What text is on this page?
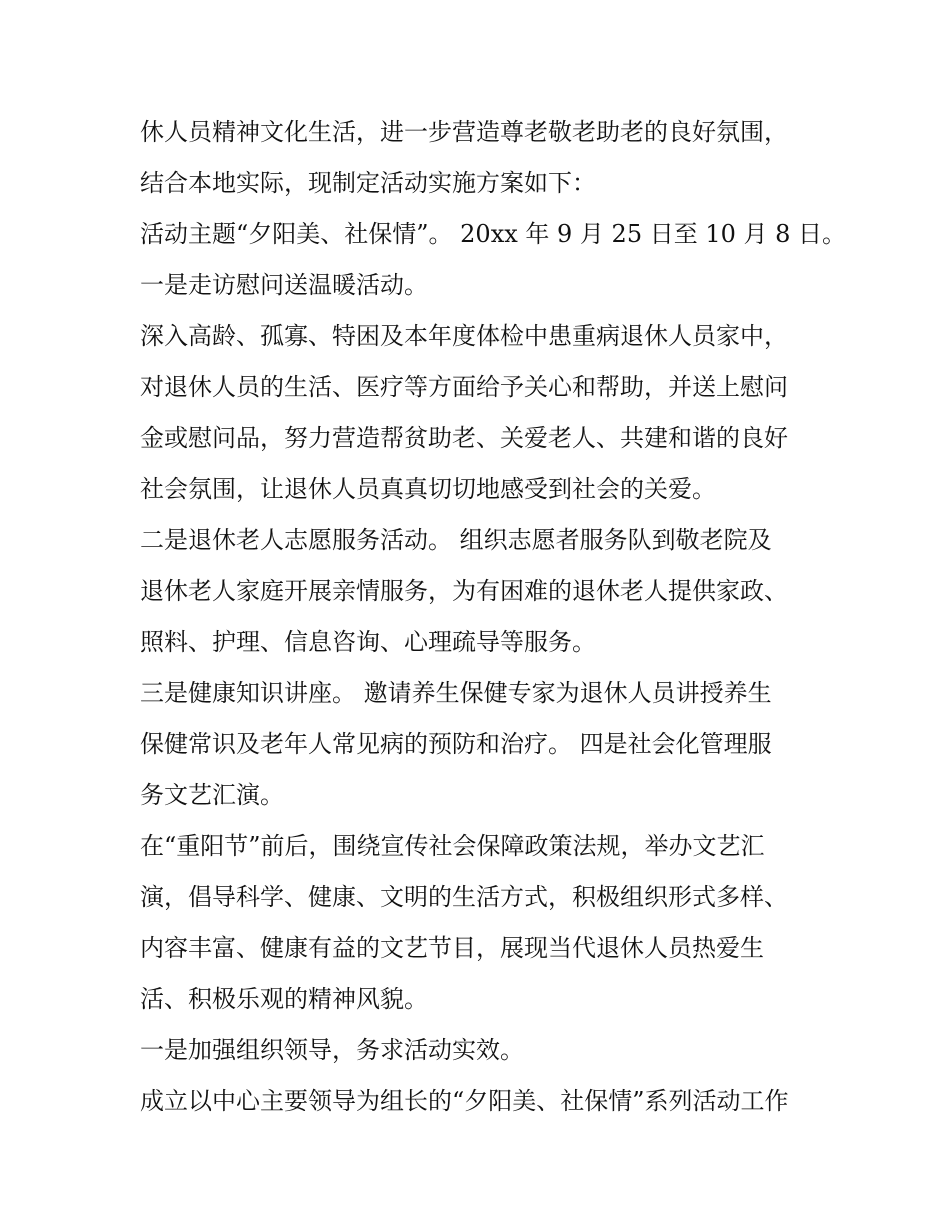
休人员精神文化生活，进一步营造尊老敬老助老的良好氛围，
结合本地实际，现制定活动实施方案如下：
活动主题“夕阳美、社保情”。 20xx 年 9 月 25 日至 10 月 8 日。
一是走访慰问送温暖活动。
深入高龄、孤寡、特困及本年度体检中患重病退休人员家中，
对退休人员的生活、医疗等方面给予关心和帮助，并送上慰问
金或慰问品，努力营造帮贫助老、关爱老人、共建和谐的良好
社会氛围，让退休人员真真切切地感受到社会的关爱。
二是退休老人志愿服务活动。 组织志愿者服务队到敬老院及
退休老人家庭开展亲情服务，为有困难的退休老人提供家政、
照料、护理、信息咨询、心理疏导等服务。
三是健康知识讲座。 邀请养生保健专家为退休人员讲授养生
保健常识及老年人常见病的预防和治疗。 四是社会化管理服
务文艺汇演。
在“重阳节”前后，围绕宣传社会保障政策法规，举办文艺汇
演，倡导科学、健康、文明的生活方式，积极组织形式多样、
内容丰富、健康有益的文艺节目，展现当代退休人员热爱生
活、积极乐观的精神风貌。
一是加强组织领导，务求活动实效。
成立以中心主要领导为组长的“夕阳美、社保情”系列活动工作
